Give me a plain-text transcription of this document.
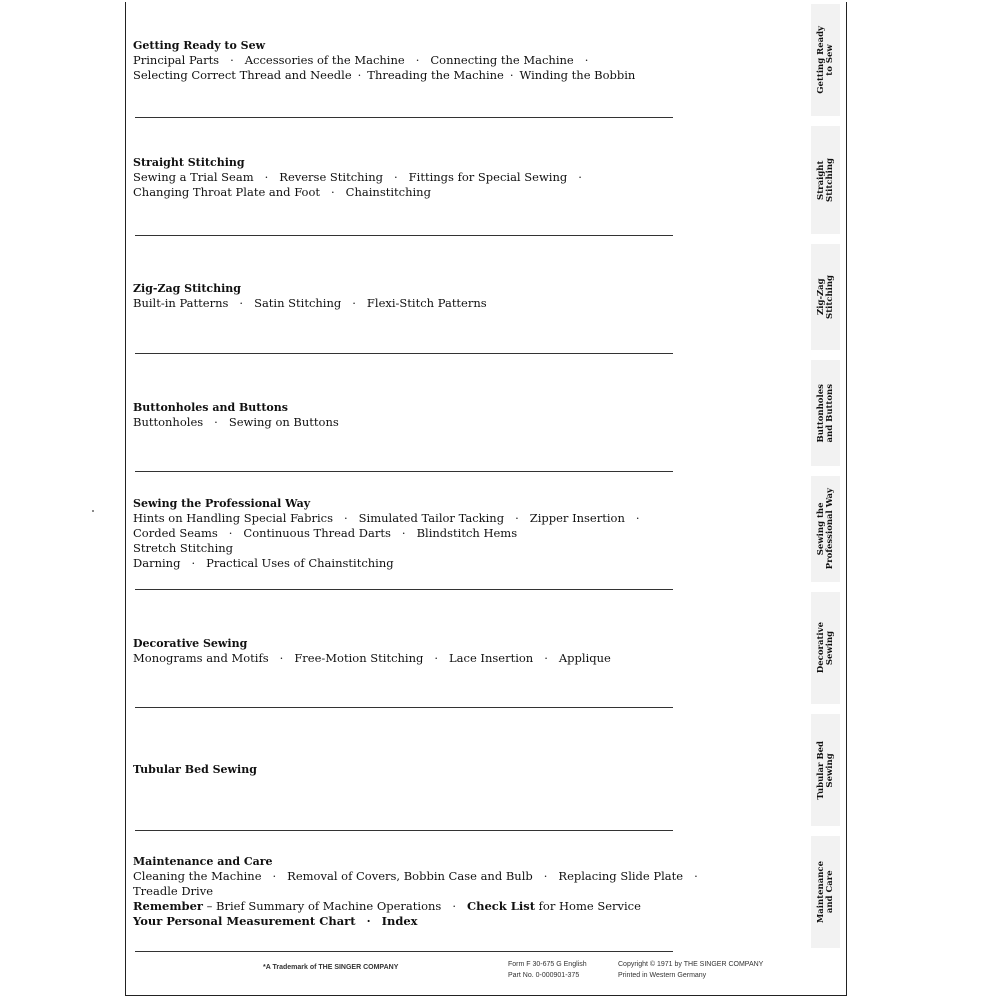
Getting Ready to Sew
Principal Parts · Accessories of the Machine · Connecting the Machine ·
Selecting Correct Thread and Needle · Threading the Machine · Winding the Bobbin
Straight Stitching
Sewing a Trial Seam · Reverse Stitching · Fittings for Special Sewing ·
Changing Throat Plate and Foot · Chainstitching
Zig-Zag Stitching
Built-in Patterns · Satin Stitching · Flexi-Stitch Patterns
Buttonholes and Buttons
Buttonholes · Sewing on Buttons
Sewing the Professional Way
Hints on Handling Special Fabrics · Simulated Tailor Tacking · Zipper Insertion ·
Corded Seams · Continuous Thread Darts · Blindstitch Hems
Stretch Stitching
Darning · Practical Uses of Chainstitching
Decorative Sewing
Monograms and Motifs · Free-Motion Stitching · Lace Insertion · Applique
Tubular Bed Sewing
Maintenance and Care
Cleaning the Machine · Removal of Covers, Bobbin Case and Bulb · Replacing Slide Plate ·
Treadle Drive
Remember – Brief Summary of Machine Operations · Check List for Home Service
Your Personal Measurement Chart · Index
Getting Ready
to Sew
Straight
Stitching
Zig-Zag
Stitching
Buttonholes
and Buttons
Sewing the
Professional Way
Decorative
Sewing
Tubular Bed
Sewing
Maintenance
and Care
*A Trademark of THE SINGER COMPANY	Form F 30-675 G English
Part No. 0-000901-375
Copyright © 1971 by THE SINGER COMPANY
Printed in Western Germany
